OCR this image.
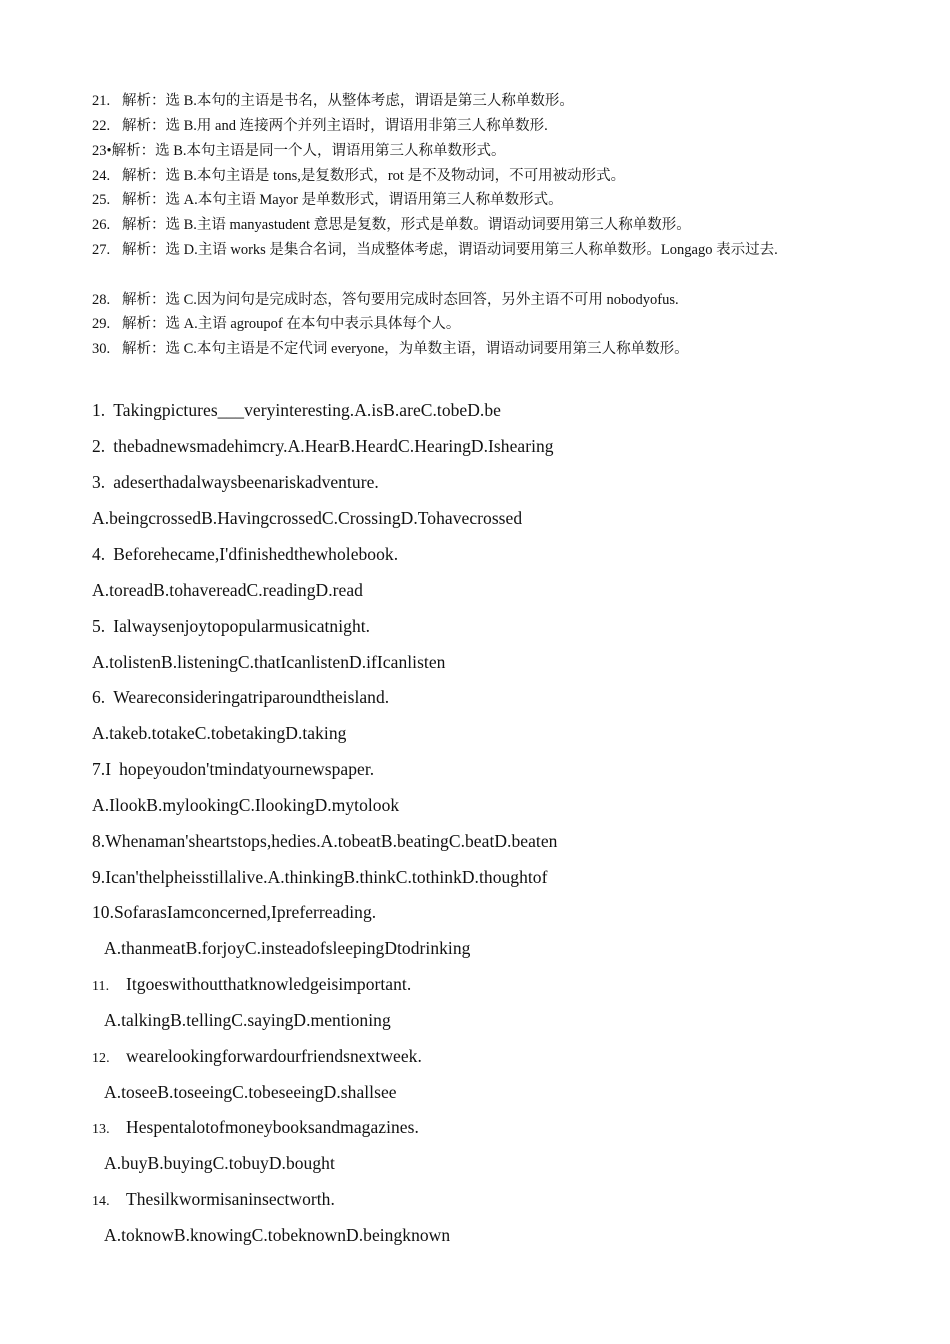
21. 解析：选 B.本句的主语是书名，从整体考虑，谓语是第三人称单数形。
22. 解析：选 B.用 and 连接两个并列主语时，谓语用非第三人称单数形.
23•解析：选 B.本句主语是同一个人，谓语用第三人称单数形式。
24. 解析：选 B.本句主语是 tons,是复数形式，rot 是不及物动词，不可用被动形式。
25. 解析：选 A.本句主语 Mayor 是单数形式，谓语用第三人称单数形式。
26. 解析：选 B.主语 manyastudent 意思是复数，形式是单数。谓语动词要用第三人称单数形。
27. 解析：选 D.主语 works 是集合名词，当成整体考虑，谓语动词要用第三人称单数形。Longago 表示过去.
28. 解析：选 C.因为问句是完成时态，答句要用完成时态回答，另外主语不可用 nobodyofus.
29. 解析：选 A.主语 agroupof 在本句中表示具体每个人。
30. 解析：选 C.本句主语是不定代词 everyone，为单数主语，谓语动词要用第三人称单数形。
1. Takingpictures___veryinteresting.A.isB.areC.tobeD.be
2. thebadnewsmadehimcry.A.HearB.HeardC.HearingD.Ishearing
3. adeserthadalwaysbeenariskadventure.
A.beingcrossedB.HavingcrossedC.CrossingD.Tohavecrossed
4. Beforehecame,I'dfinishedthewholebook.
A.toreadB.tohavereadC.readingD.read
5. Ialwaysenjoytopopularmusicatnight.
A.tolistenB.listeningC.thatIcanlistenD.ifIcanlisten
6. Weareconsideringatriparoundtheisland.
A.takeb.totakeC.tobetakingD.taking
7.I hopeyoudon'tmindatyournewspaper.
A.IlookB.mylookingC.IlookingD.mytolook
8.Whenaman'sheartstops,hedies.A.tobeatB.beatingC.beatD.beaten
9.Ican'thelpheisstillalive.A.thinkingB.thinkC.tothinkD.thoughtof
10.SofarasIamconcerned,Ipreferreading.
A.thanmeatB.forjoyC.insteadofsleepingDtodrinking
11. Itgoeswithoutthatknowledgeisimportant.
A.talkingB.tellingC.sayingD.mentioning
12. wearelookingforwardourfriendsnextweek.
A.toseeB.toseeingC.tobeseeingD.shallsee
13. Hespentalotofmoneybooksandmagazines.
A.buyB.buyingC.tobuyD.bought
14. Thesilkwormisaninsectworth.
A.toknowB.knowingC.tobeknownD.beingknown
